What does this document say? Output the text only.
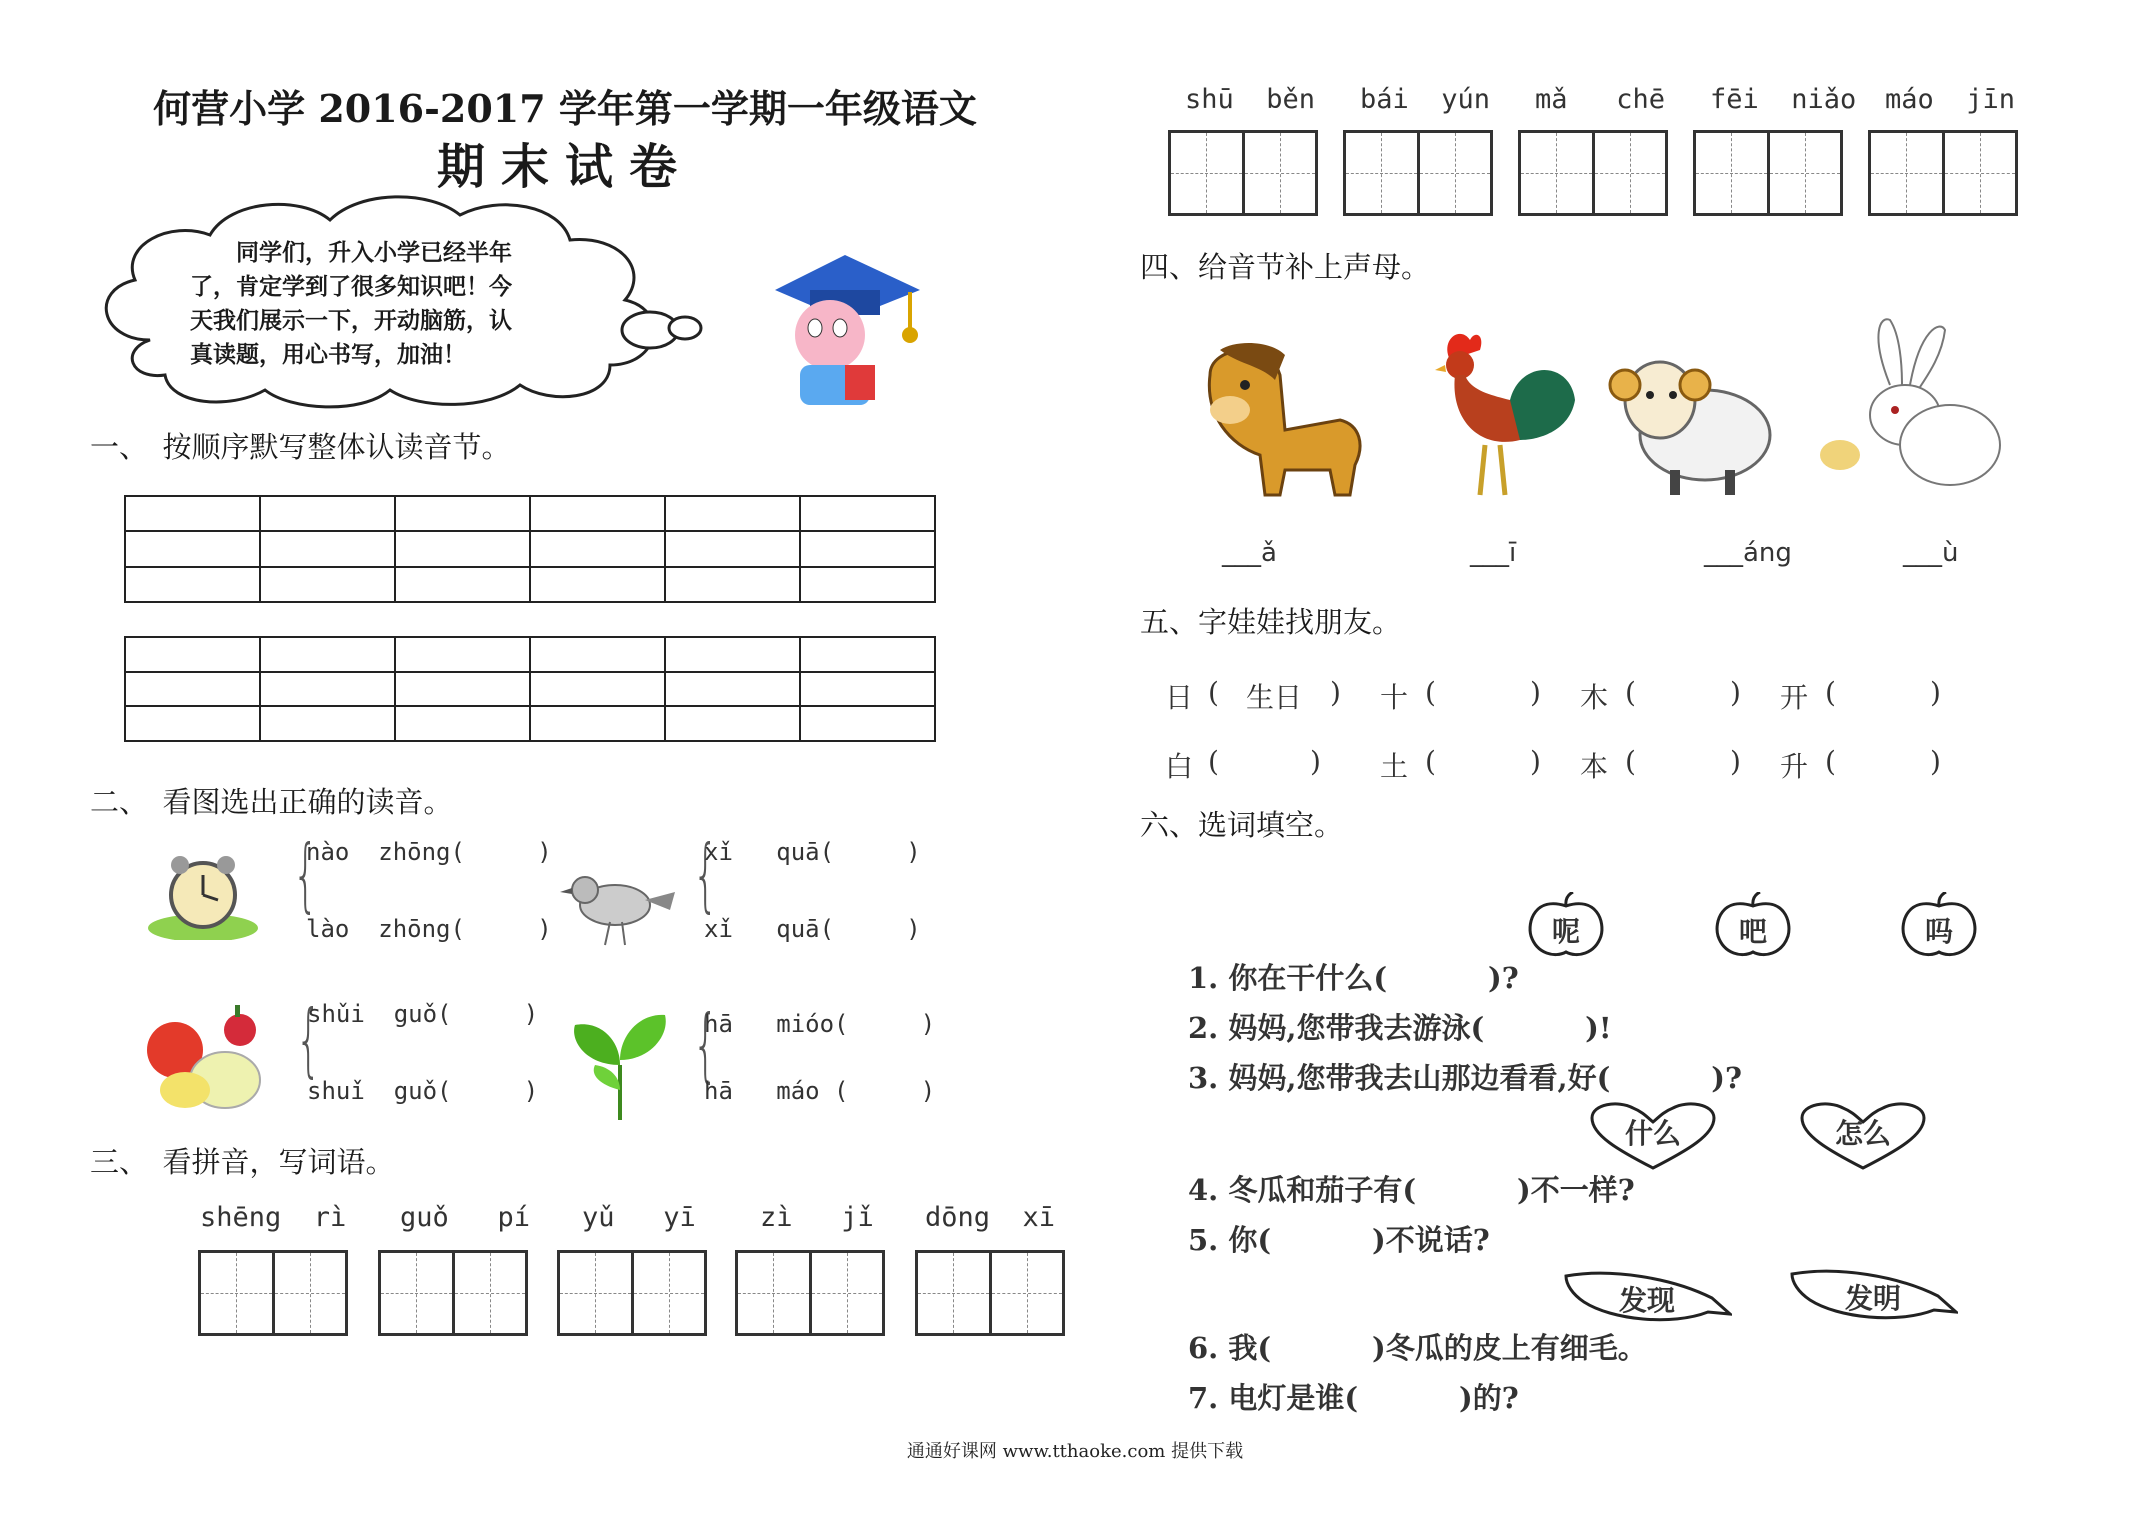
何营小学 2016-2017 学年第一学期一年级语文
期末试卷
同学们，升入小学已经半年
了，肯定学到了很多知识吧！今
天我们展示一下，开动脑筋，认
真读题，用心书写，加油！
一、　按顺序默写整体认读音节。

二、　看图选出正确的读音。
{
nào  zhōng(     )
lào  zhōng(     )
{
xǐ   quā(     )
xǐ   quā(     )
{
shǔi  guǒ(     )
shuǐ  guǒ(     ) {
hā   mióo(     )
hā   máo (     )
三、　看拼音，写词语。
shēng  rì guǒ   pí yǔ   yī zì   jǐ dōng  xī
shū  běn bái  yún mǎ   chē fēi  niǎo máo  jīn
四、给音节补上声母。
___ǎ	___ī	___áng	___ù
五、字娃娃找朋友。
日 ( 生日 ) 十 (	) 木 (	) 开 (	)
白 (	) 土 (	) 本 (	) 升 (	)
六、选词填空。
呢	吧	吗
1. 你在干什么(          )?
2. 妈妈,您带我去游泳(          )!
3. 妈妈,您带我去山那边看看,好(          )?
什么	怎么
4. 冬瓜和茄子有(          )不一样?
5. 你(          )不说话?
发现	发明
6. 我(          )冬瓜的皮上有细毛。
7. 电灯是谁(          )的?
通通好课网 www.tthaoke.com 提供下载
